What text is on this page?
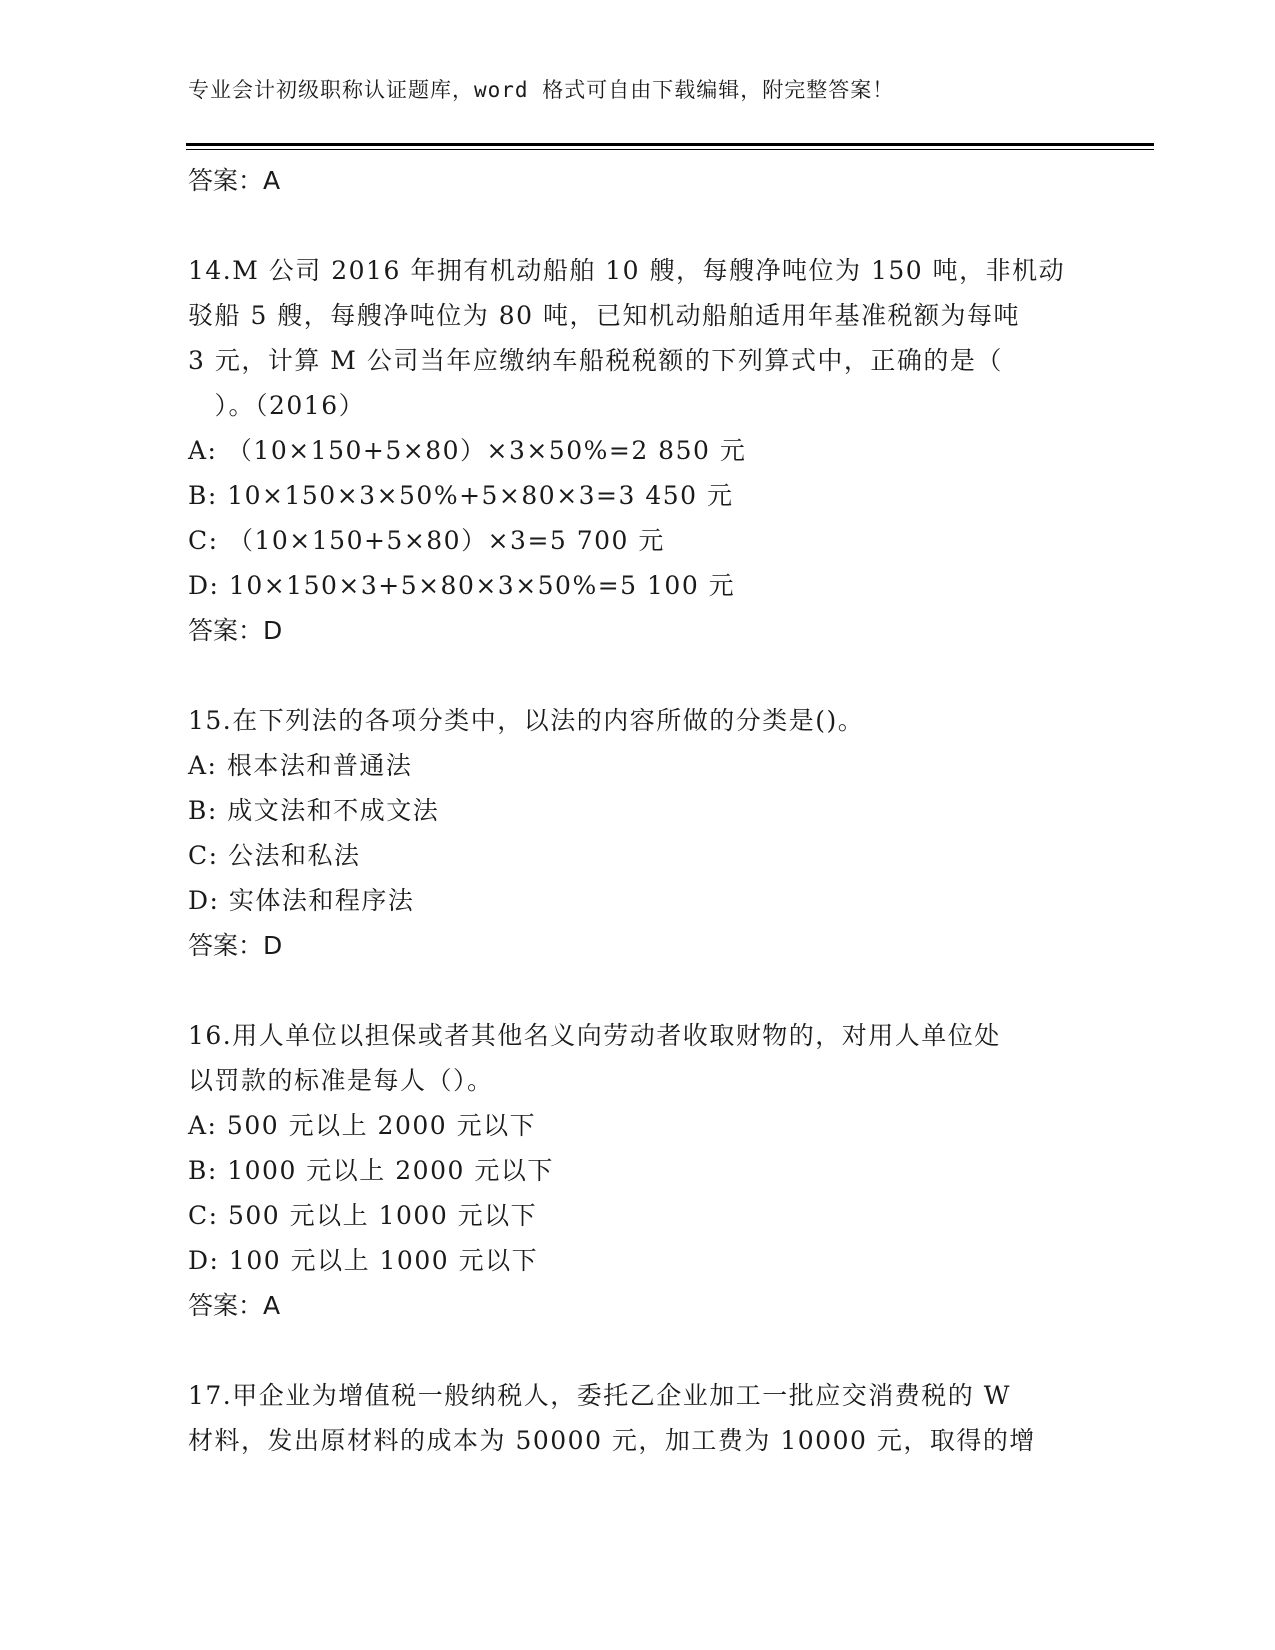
专业会计初级职称认证题库，word 格式可自由下载编辑，附完整答案！
答案：A
14.M 公司 2016 年拥有机动船舶 10 艘，每艘净吨位为 150 吨，非机动
驳船 5 艘，每艘净吨位为 80 吨，已知机动船舶适用年基准税额为每吨
3 元，计算 M 公司当年应缴纳车船税税额的下列算式中，正确的是（
　）。（2016）
A: （10×150+5×80）×3×50%=2 850 元
B: 10×150×3×50%+5×80×3=3 450 元
C: （10×150+5×80）×3=5 700 元
D: 10×150×3+5×80×3×50%=5 100 元
答案：D
15.在下列法的各项分类中，以法的内容所做的分类是()。
A: 根本法和普通法
B: 成文法和不成文法
C: 公法和私法
D: 实体法和程序法
答案：D
16.用人单位以担保或者其他名义向劳动者收取财物的，对用人单位处
以罚款的标准是每人（）。
A: 500 元以上 2000 元以下
B: 1000 元以上 2000 元以下
C: 500 元以上 1000 元以下
D: 100 元以上 1000 元以下
答案：A
17.甲企业为增值税一般纳税人，委托乙企业加工一批应交消费税的 W
材料，发出原材料的成本为 50000 元，加工费为 10000 元，取得的增
